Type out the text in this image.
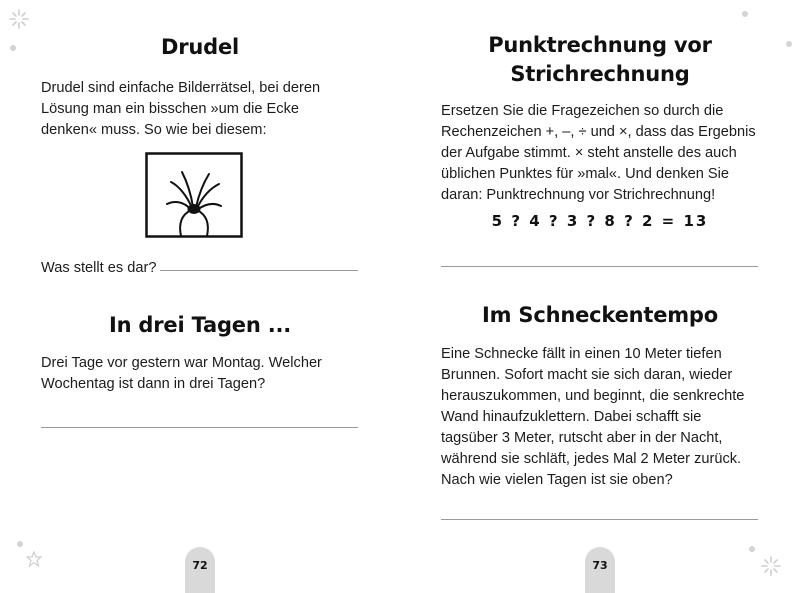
Drudel

Drudel sind einfache Bilderrätsel, bei deren Lösung man ein bisschen »um die Ecke denken« muss. So wie bei diesem:

Was stellt es dar?
In drei Tagen ...

Drei Tage vor gestern war Montag. Welcher Wochentag ist dann in drei Tagen?

72
Punktrechnung vor
Strichrechnung

Ersetzen Sie die Fragezeichen so durch die Rechenzeichen +, –, ÷ und ×, dass das Ergebnis der Aufgabe stimmt. × steht anstelle des auch üblichen Punktes für »mal«. Und denken Sie daran: Punktrechnung vor Strichrechnung!

5 ? 4 ? 3 ? 8 ? 2 = 13

Im Schneckentempo

Eine Schnecke fällt in einen 10 Meter tiefen Brunnen. Sofort macht sie sich daran, wieder herauszukommen, und beginnt, die senkrechte Wand hinaufzuklettern. Dabei schafft sie tagsüber 3 Meter, rutscht aber in der Nacht, während sie schläft, jedes Mal 2 Meter zurück. Nach wie vielen Tagen ist sie oben?

73
